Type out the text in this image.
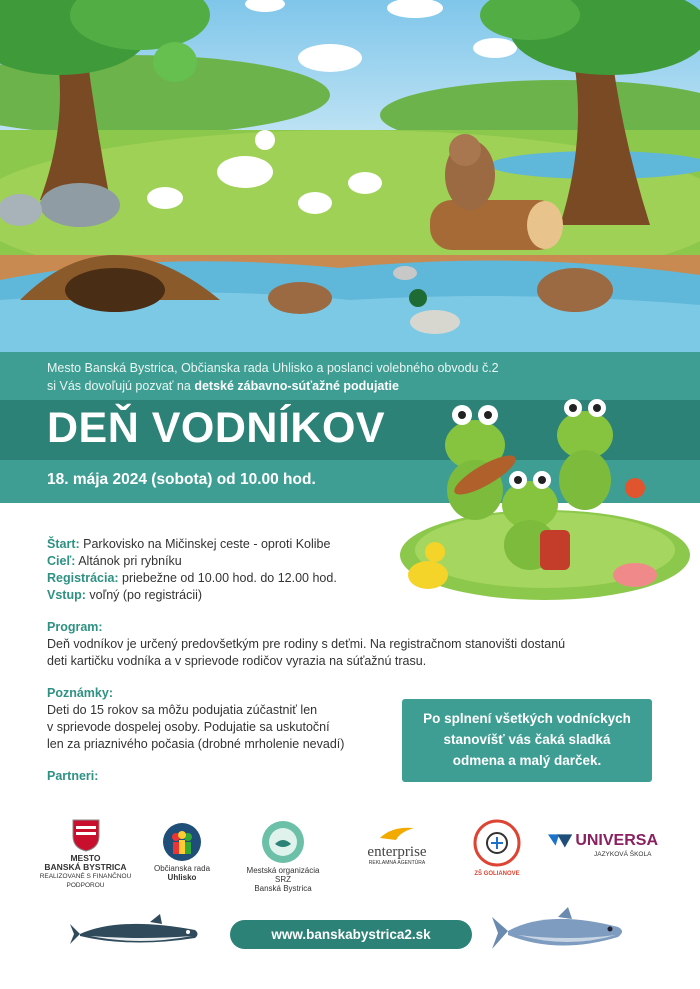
Mesto Banská Bystrica, Občianska rada Uhlisko a poslanci volebného obvodu č.2
si Vás dovoľujú pozvať na detské zábavno-súťažné podujatie
DEŇ VODNÍKOV
18. mája 2024 (sobota) od 10.00 hod.
Štart: Parkovisko na Mičinskej ceste - oproti Kolibe
Cieľ: Altánok pri rybníku
Registrácia: priebežne od 10.00 hod. do 12.00 hod.
Vstup: voľný (po registrácii)
Program:
Deň vodníkov je určený predovšetkým pre rodiny s deťmi. Na registračnom stanovišti dostanú
deti kartičku vodníka a v sprievode rodičov vyrazia na súťažnú trasu.
Poznámky:
Deti do 15 rokov sa môžu podujatia zúčastniť len
v sprievode dospelej osoby. Podujatie sa uskutoční
len za priaznivého počasia (drobné mrholenie nevadí)
Po splnení všetkých vodníckych
stanovíšť vás čaká sladká
odmena a malý darček.
Partneri:
MESTO
BANSKÁ BYSTRICA
REALIZOVANÉ S FINANČNOU
PODPOROU
Občianska rada
Uhlisko
Mestská organizácia SRZ
Banská Bystrica
enterprise
REKLAMNÁ AGENTÚRA
ZŠ GOLIANOVE
UNIVERSA
JAZYKOVÁ ŠKOLA
www.banskabystrica2.sk
